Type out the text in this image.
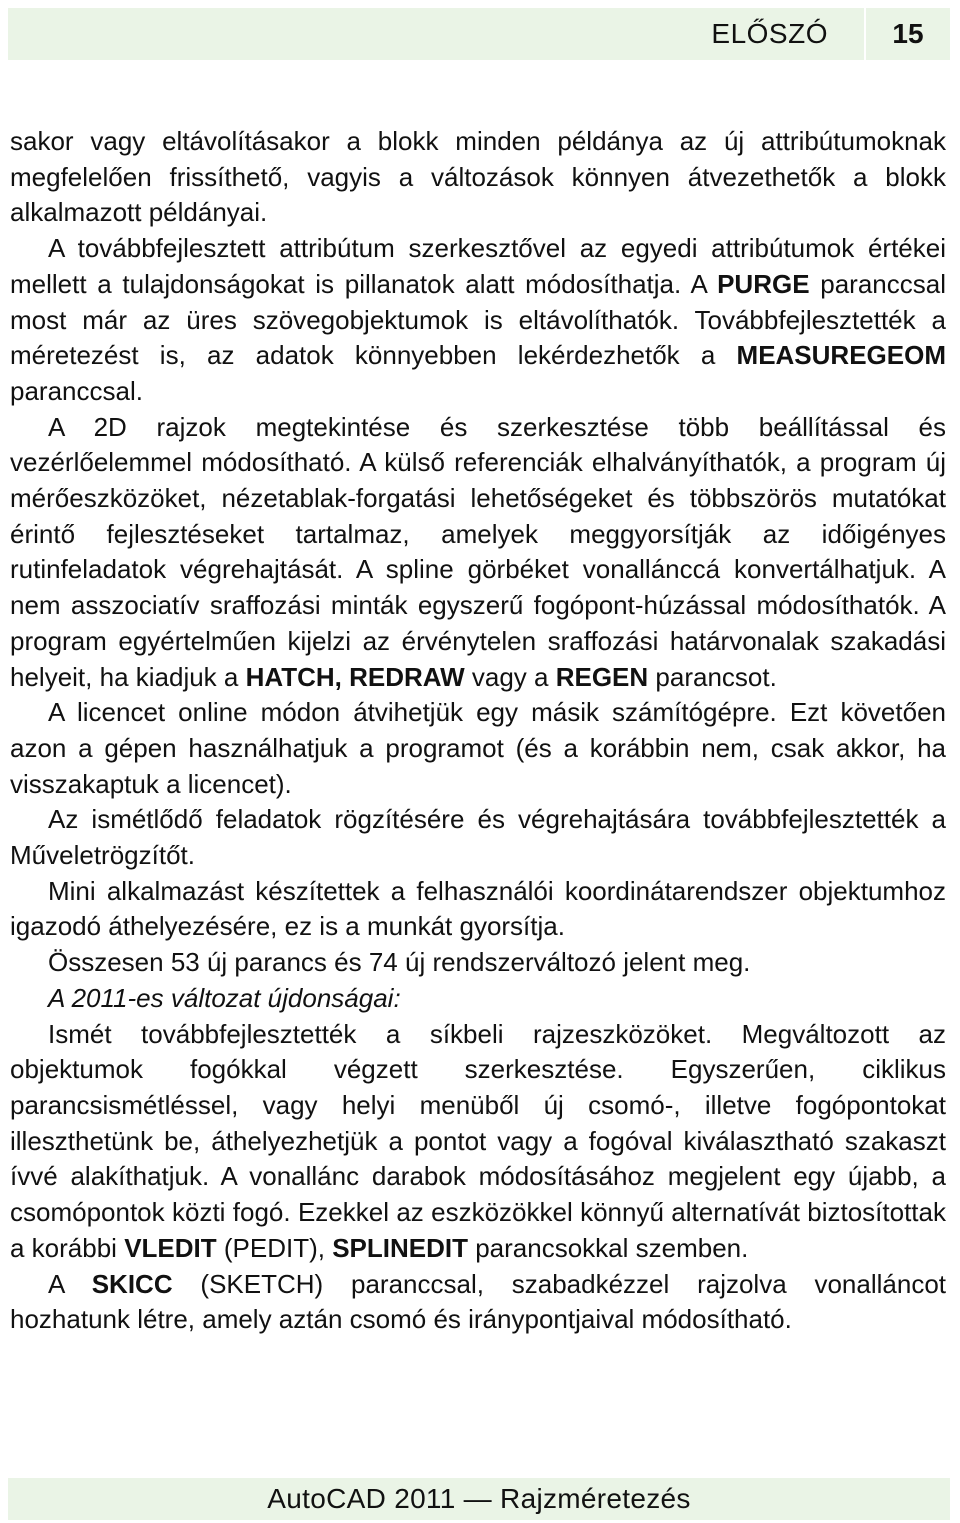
ELŐSZÓ	15

sakor vagy eltávolításakor a blokk minden példánya az új attribútumoknak megfelelően frissíthető, vagyis a változások könnyen átvezethetők a blokk alkalmazott példányai.

A továbbfejlesztett attribútum szerkesztővel az egyedi attribútumok értékei mellett a tulajdonságokat is pillanatok alatt módosíthatja. A PURGE paranccsal most már az üres szövegobjektumok is eltávolíthatók. Továbbfejlesztették a méretezést is, az adatok könnyebben lekérdezhetők a MEASUREGEOM paranccsal.

A 2D rajzok megtekintése és szerkesztése több beállítással és vezérlőelemmel módosítható. A külső referenciák elhalványíthatók, a program új mérőeszközöket, nézetablak-forgatási lehetőségeket és többszörös mutatókat érintő fejlesztéseket tartalmaz, amelyek meggyorsítják az időigényes rutinfeladatok végrehajtását. A spline görbéket vonallánccá konvertálhatjuk. A nem asszociatív sraffozási minták egyszerű fogópont-húzással módosíthatók. A program egyértelműen kijelzi az érvénytelen sraffozási határvonalak szakadási helyeit, ha kiadjuk a HATCH, REDRAW vagy a REGEN parancsot.

A licencet online módon átvihetjük egy másik számítógépre. Ezt követően azon a gépen használhatjuk a programot (és a korábbin nem, csak akkor, ha visszakaptuk a licencet).

Az ismétlődő feladatok rögzítésére és végrehajtására továbbfejlesztették a Műveletrögzítőt.

Mini alkalmazást készítettek a felhasználói koordinátarendszer objektumhoz igazodó áthelyezésére, ez is a munkát gyorsítja.

Összesen 53 új parancs és 74 új rendszerváltozó jelent meg.

A 2011-es változat újdonságai:

Ismét továbbfejlesztették a síkbeli rajzeszközöket. Megváltozott az objektumok fogókkal végzett szerkesztése. Egyszerűen, ciklikus parancsismétléssel, vagy helyi menüből új csomó-, illetve fogópontokat illeszthetünk be, áthelyezhetjük a pontot vagy a fogóval kiválasztható szakaszt ívvé alakíthatjuk. A vonallánc darabok módosításához megjelent egy újabb, a csomópontok közti fogó. Ezekkel az eszközökkel könnyű alternatívát biztosítottak a korábbi VLEDIT (PEDIT), SPLINEDIT parancsokkal szemben.

A SKICC (SKETCH) paranccsal, szabadkézzel rajzolva vonalláncot hozhatunk létre, amely aztán csomó és iránypontjaival módosítható.

AutoCAD 2011 — Rajzméretezés
